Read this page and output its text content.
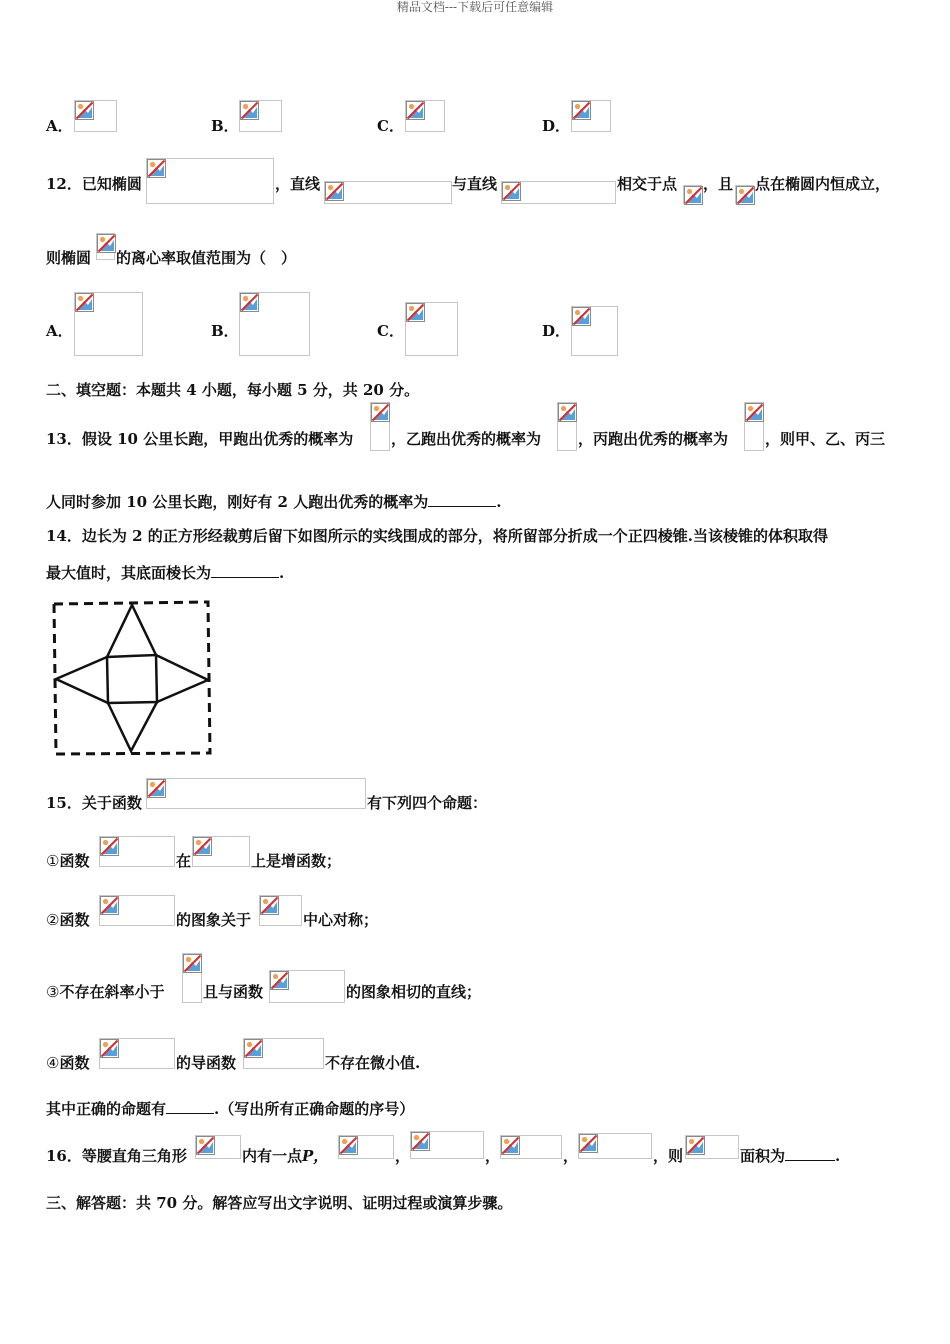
精品文档---下载后可任意编辑
A．	B．	C．	D．
12．已知椭圆	，直线	与直线	相交于点 ，且 点在椭圆内恒成立，
则椭圆 的离心率取值范围为（　）
A．	B．	C．	D．
二、填空题：本题共 4 小题，每小题 5 分，共 20 分。
13．假设 10 公里长跑，甲跑出优秀的概率为	，乙跑出优秀的概率为 ，丙跑出优秀的概率为 ，则甲、乙、丙三
人同时参加 10 公里长跑，刚好有 2 人跑出优秀的概率为	.
14．边长为 2 的正方形经裁剪后留下如图所示的实线围成的部分，将所留部分折成一个正四棱锥.当该棱锥的体积取得
最大值时，其底面棱长为	.
15．关于函数	有下列四个命题：
①函数	在	上是增函数；
②函数	的图象关于	中心对称；
③不存在斜率小于	且与函数	的图象相切的直线；
④函数	的导函数	不存在微小值.
其中正确的命题有	.（写出所有正确命题的序号）
16．等腰直角三角形	内有一点P，	，	，	，	，则	面积为	.
三、解答题：共 70 分。解答应写出文字说明、证明过程或演算步骤。
